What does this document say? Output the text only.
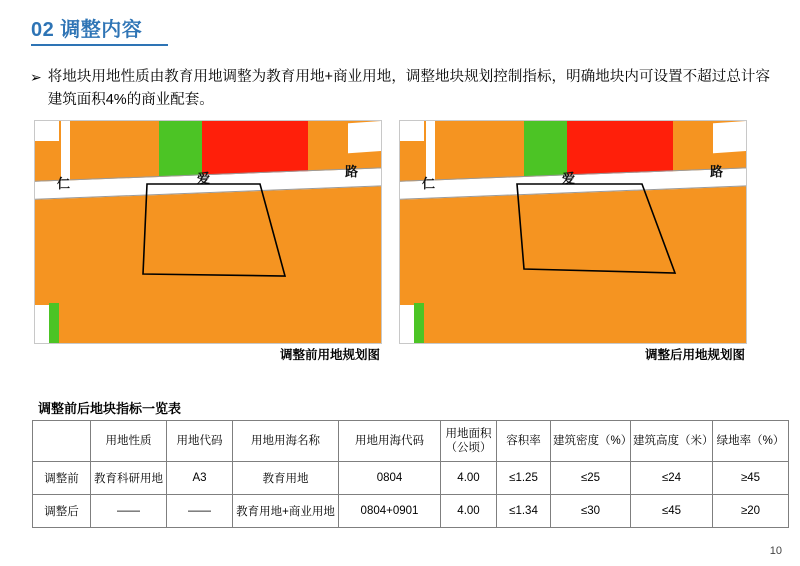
02 调整内容
➢ 将地块用地性质由教育用地调整为教育用地+商业用地，调整地块规划控制指标，明确地块内可设置不超过总计容建筑面积4%的商业配套。
仁	爱	路
仁	爱	路
调整前用地规划图	调整后用地规划图
调整前后地块指标一览表
	用地性质	用地代码	用地用海名称	用地用海代码	用地面积（公顷）	容积率	建筑密度（%）	建筑高度（米）	绿地率（%）
调整前	教育科研用地	A3	教育用地	0804	4.00	≤1.25	≤25	≤24	≥45
调整后	——	——	教育用地+商业用地	0804+0901	4.00	≤1.34	≤30	≤45	≥20
10
